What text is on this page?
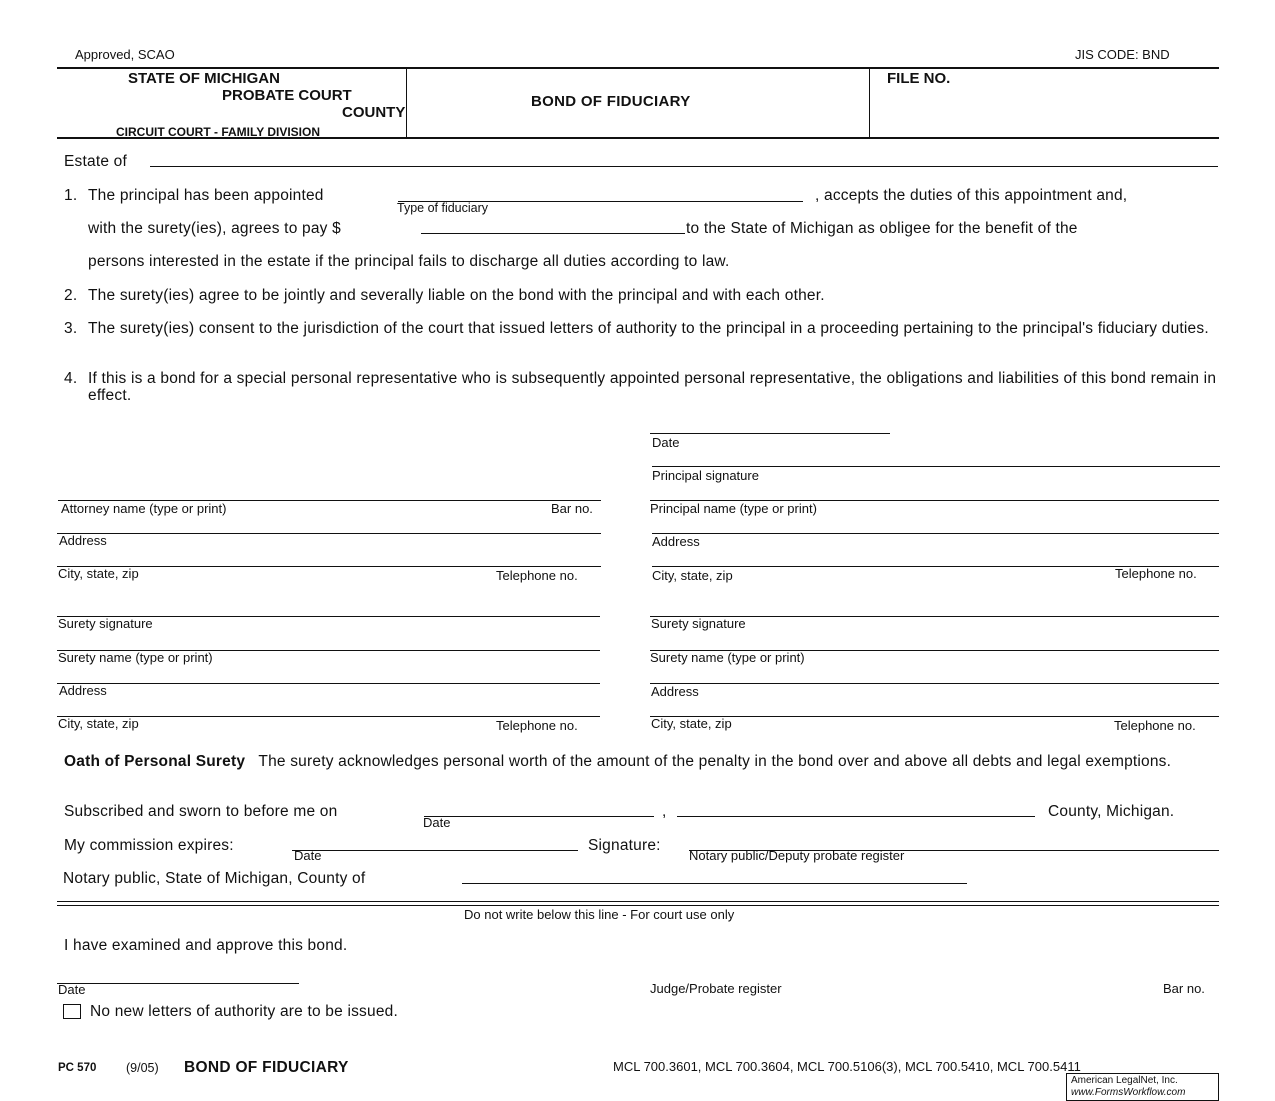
Approved, SCAO	JIS CODE: BND
STATE OF MICHIGAN
PROBATE COURT
COUNTY
CIRCUIT COURT - FAMILY DIVISION
BOND OF FIDUCIARY
FILE NO.
Estate of
1. The principal has been appointed
Type of fiduciary
, accepts the duties of this appointment and,
with the surety(ies), agrees to pay $	to the State of Michigan as obligee for the benefit of the
persons interested in the estate if the principal fails to discharge all duties according to law.
2. The surety(ies) agree to be jointly and severally liable on the bond with the principal and with each other.
3. The surety(ies) consent to the jurisdiction of the court that issued letters of authority to the principal in a proceeding pertaining to the principal's fiduciary duties.
4. If this is a bond for a special personal representative who is subsequently appointed personal representative, the obligations and liabilities of this bond remain in effect.
Date
Principal signature
Principal name (type or print)
Address
City, state, zip	Telephone no.
Attorney name (type or print)	Bar no.
Address
City, state, zip	Telephone no.
Surety signature
Surety name (type or print)
Address
City, state, zip	Telephone no.
Surety signature
Surety name (type or print)
Address
City, state, zip	Telephone no.
Oath of Personal Surety The surety acknowledges personal worth of the amount of the penalty in the bond over and above all debts and legal exemptions.
Subscribed and sworn to before me on
Date
,	County, Michigan.
My commission expires:
Date
Signature:
Notary public/Deputy probate register
Notary public, State of Michigan, County of
Do not write below this line - For court use only
I have examined and approve this bond.
Date	Judge/Probate register	Bar no.
No new letters of authority are to be issued.
PC 570 (9/05) BOND OF FIDUCIARY	MCL 700.3601, MCL 700.3604, MCL 700.5106(3), MCL 700.5410, MCL 700.5411
American LegalNet, Inc.
www.FormsWorkflow.com
